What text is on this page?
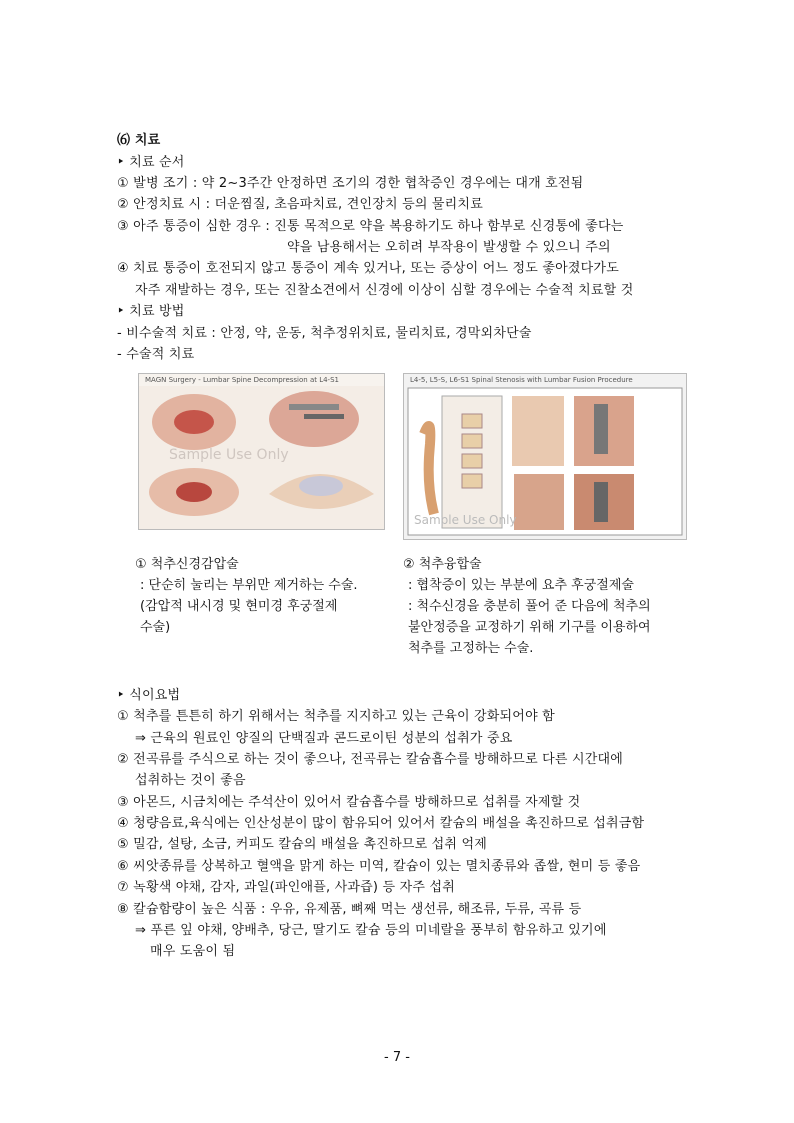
⑹ 치료
‣ 치료 순서
① 발병 조기 : 약 2~3주간 안정하면 조기의 경한 협착증인 경우에는 대개 호전됨
② 안정치료 시 : 더운찜질, 초음파치료, 견인장치 등의 물리치료
③ 아주 통증이 심한 경우 : 진통 목적으로 약을 복용하기도 하나 함부로 신경통에 좋다는
약을 남용해서는 오히려 부작용이 발생할 수 있으니 주의
④ 치료 통증이 호전되지 않고 통증이 계속 있거나, 또는 증상이 어느 정도 좋아졌다가도
자주 재발하는 경우, 또는 진찰소견에서 신경에 이상이 심할 경우에는 수술적 치료할 것
‣ 치료 방법
- 비수술적 치료 : 안정, 약, 운동, 척추정위치료, 물리치료, 경막외차단술
- 수술적 치료
MAGN Surgery - Lumbar Spine Decompression at L4-S1
Sample Use Only
L4-5, L5-S, L6-S1 Spinal Stenosis with Lumbar Fusion Procedure
Sample Use Only
① 척추신경감압술
: 단순히 눌리는 부위만 제거하는 수술.
(감압적 내시경 및 현미경 후궁절제
수술)
② 척추융합술
: 협착증이 있는 부분에 요추 후궁절제술
: 척수신경을 충분히 풀어 준 다음에 척추의
불안정증을 교정하기 위해 기구를 이용하여
척추를 고정하는 수술.
‣ 식이요법
① 척추를 튼튼히 하기 위해서는 척추를 지지하고 있는 근육이 강화되어야 함
⇒ 근육의 원료인 양질의 단백질과 콘드로이틴 성분의 섭취가 중요
② 전곡류를 주식으로 하는 것이 좋으나, 전곡류는 칼슘흡수를 방해하므로 다른 시간대에
섭취하는 것이 좋음
③ 아몬드, 시금치에는 주석산이 있어서 칼슘흡수를 방해하므로 섭취를 자제할 것
④ 청량음료,육식에는 인산성분이 많이 함유되어 있어서 칼슘의 배설을 촉진하므로 섭취금함
⑤ 밀감, 설탕, 소금, 커피도 칼슘의 배설을 촉진하므로 섭취 억제
⑥ 씨앗종류를 상복하고 혈액을 맑게 하는 미역, 칼슘이 있는 멸치종류와 좁쌀, 현미 등 좋음
⑦ 녹황색 야채, 감자, 과일(파인애플, 사과즙) 등 자주 섭취
⑧ 칼슘함량이 높은 식품 : 우유, 유제품, 뼈째 먹는 생선류, 해조류, 두류, 곡류 등
⇒ 푸른 잎 야채, 양배추, 당근, 딸기도 칼슘 등의 미네랄을 풍부히 함유하고 있기에
매우 도움이 됨
- 7 -
